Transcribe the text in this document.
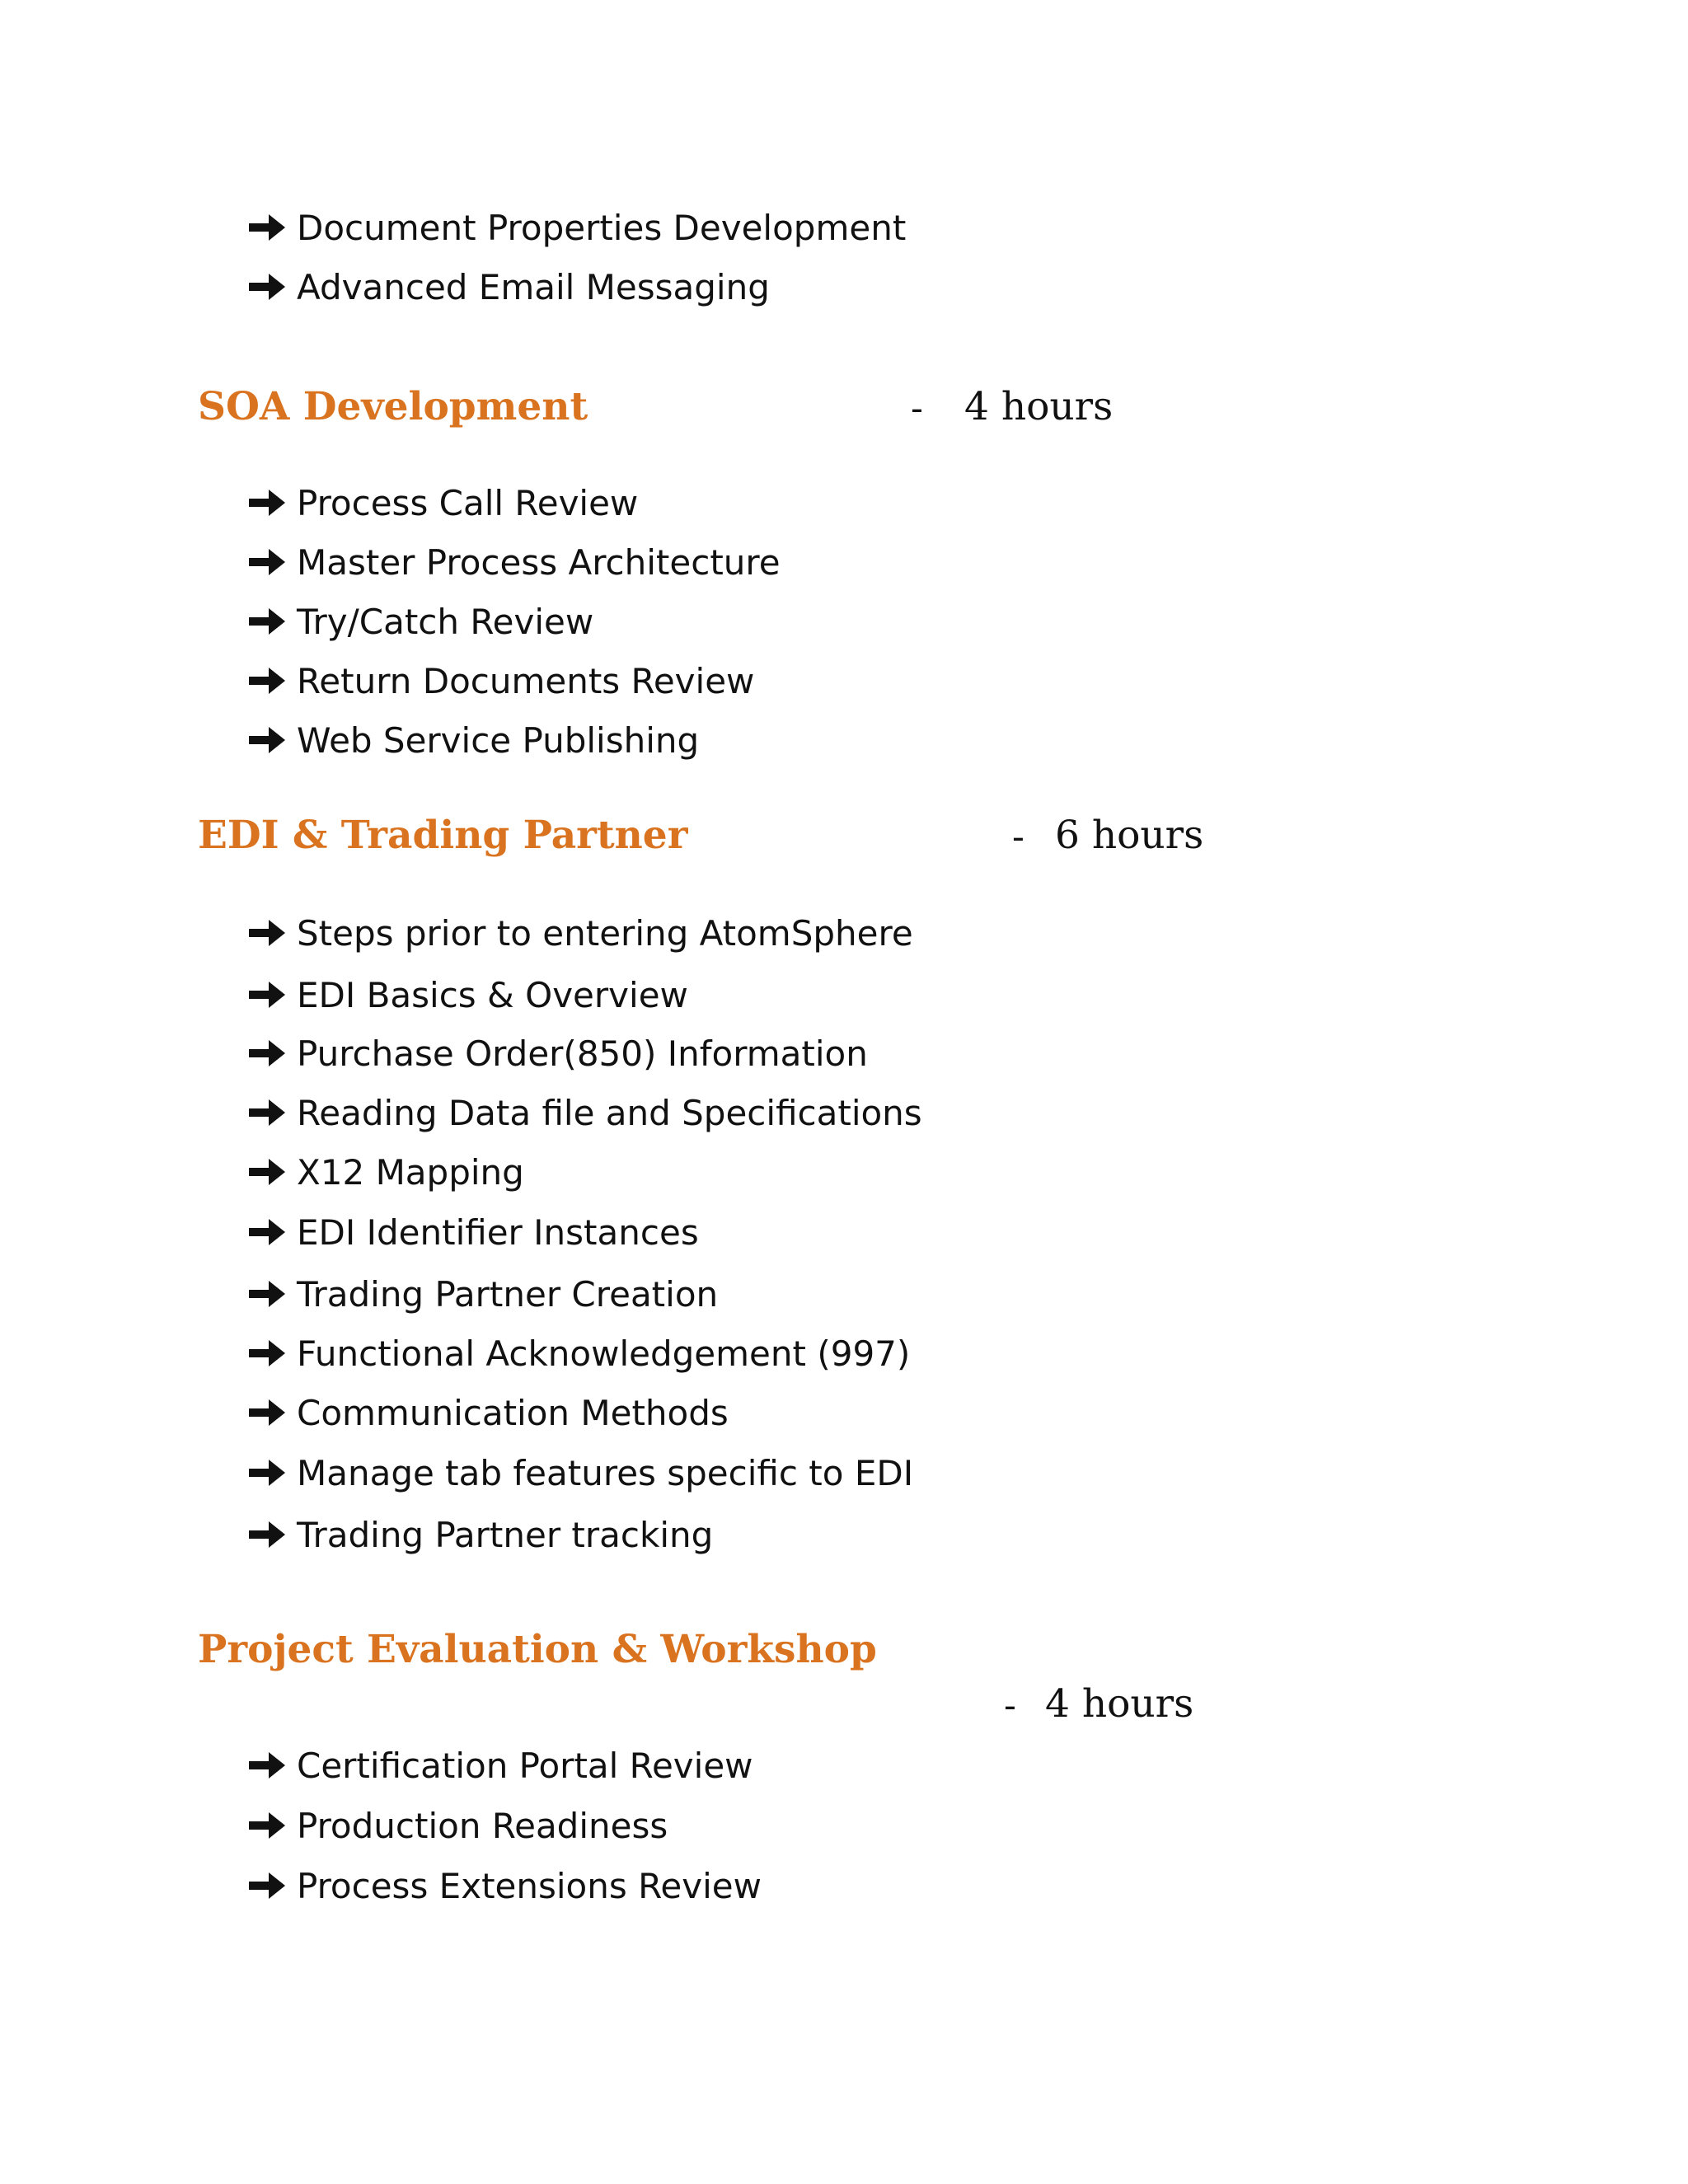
Document Properties Development
Advanced Email Messaging
SOA Development	- 4 hours
Process Call Review
Master Process Architecture
Try/Catch Review
Return Documents Review
Web Service Publishing
EDI & Trading Partner	- 6 hours
Steps prior to entering AtomSphere
EDI Basics & Overview
Purchase Order(850) Information
Reading Data file and Specifications
X12 Mapping
EDI Identifier Instances
Trading Partner Creation
Functional Acknowledgement (997)
Communication Methods
Manage tab features specific to EDI
Trading Partner tracking
Project Evaluation & Workshop
- 4 hours
Certification Portal Review
Production Readiness
Process Extensions Review
